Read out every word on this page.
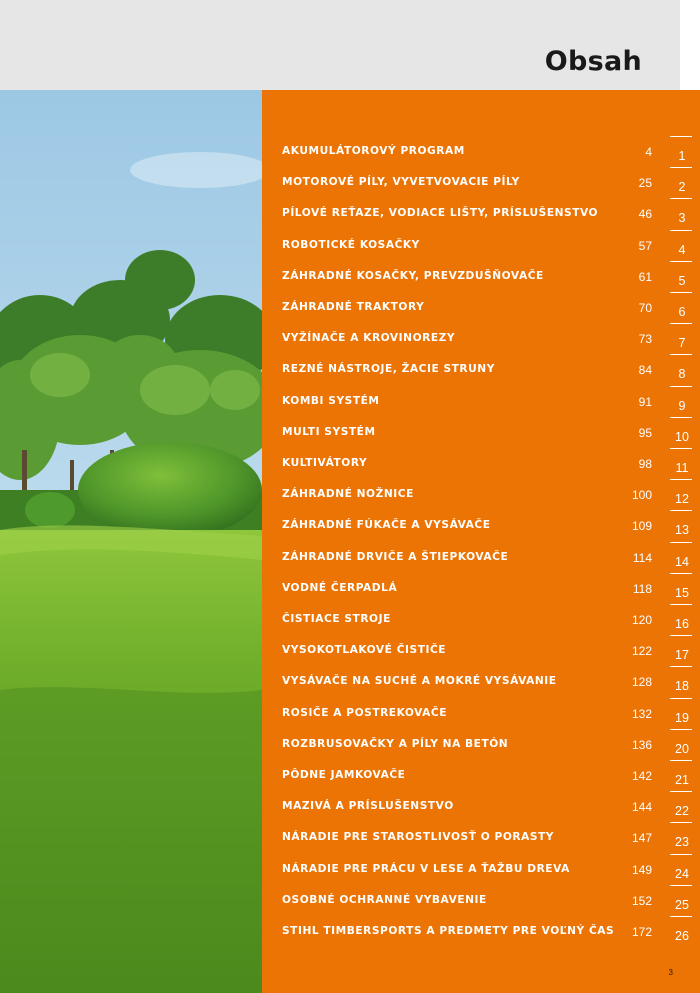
Obsah
AKUMULÁTOROVÝ PROGRAM	4	1
MOTOROVÉ PÍLY, VYVETVOVACIE PÍLY	25	2
PÍLOVÉ REŤAZE, VODIACE LIŠTY, PRÍSLUŠENSTVO	46	3
ROBOTICKÉ KOSAČKY	57	4
ZÁHRADNÉ KOSAČKY, PREVZDUŠŇOVAČE	61	5
ZÁHRADNÉ TRAKTORY	70	6
VYŽÍNAČE A KROVINOREZY	73	7
REZNÉ NÁSTROJE, ŽACIE STRUNY	84	8
KOMBI SYSTÉM	91	9
MULTI SYSTÉM	95	10
KULTIVÁTORY	98	11
ZÁHRADNÉ NOŽNICE	100	12
ZÁHRADNÉ FÚKAČE A VYSÁVAČE	109	13
ZÁHRADNÉ DRVIČE A ŠTIEPKOVAČE	114	14
VODNÉ ČERPADLÁ	118	15
ČISTIACE STROJE	120	16
VYSOKOTLAKOVÉ ČISTIČE	122	17
VYSÁVAČE NA SUCHÉ A MOKRÉ VYSÁVANIE	128	18
ROSIČE A POSTREKOVAČE	132	19
ROZBRUSOVAČKY A PÍLY NA BETÓN	136	20
PÔDNE JAMKOVAČE	142	21
MAZIVÁ A PRÍSLUŠENSTVO	144	22
NÁRADIE PRE STAROSTLIVOSŤ O PORASTY	147	23
NÁRADIE PRE PRÁCU V LESE A ŤAŽBU DREVA	149	24
OSOBNÉ OCHRANNÉ VYBAVENIE	152	25
STIHL TIMBERSPORTS A PREDMETY PRE VOĽNÝ ČAS	172	26
3
